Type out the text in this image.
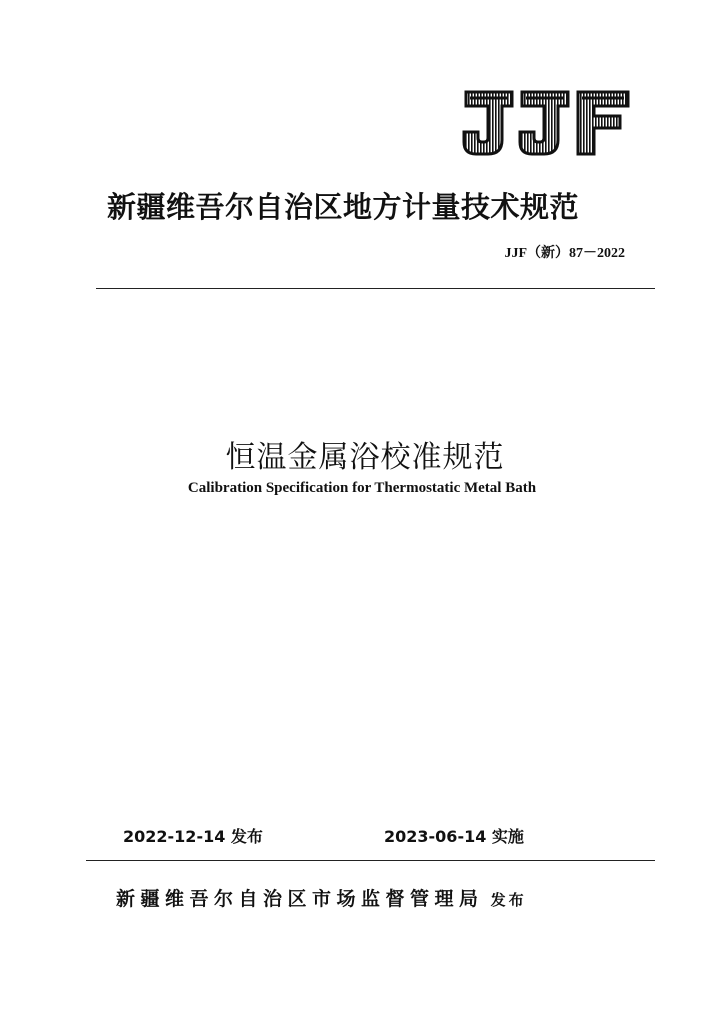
新疆维吾尔自治区地方计量技术规范
JJF（新）87－2022
恒温金属浴校准规范
Calibration Specification for Thermostatic Metal Bath
2022-12-14 发布	2023-06-14 实施
新疆维吾尔自治区市场监督管理局 发布
